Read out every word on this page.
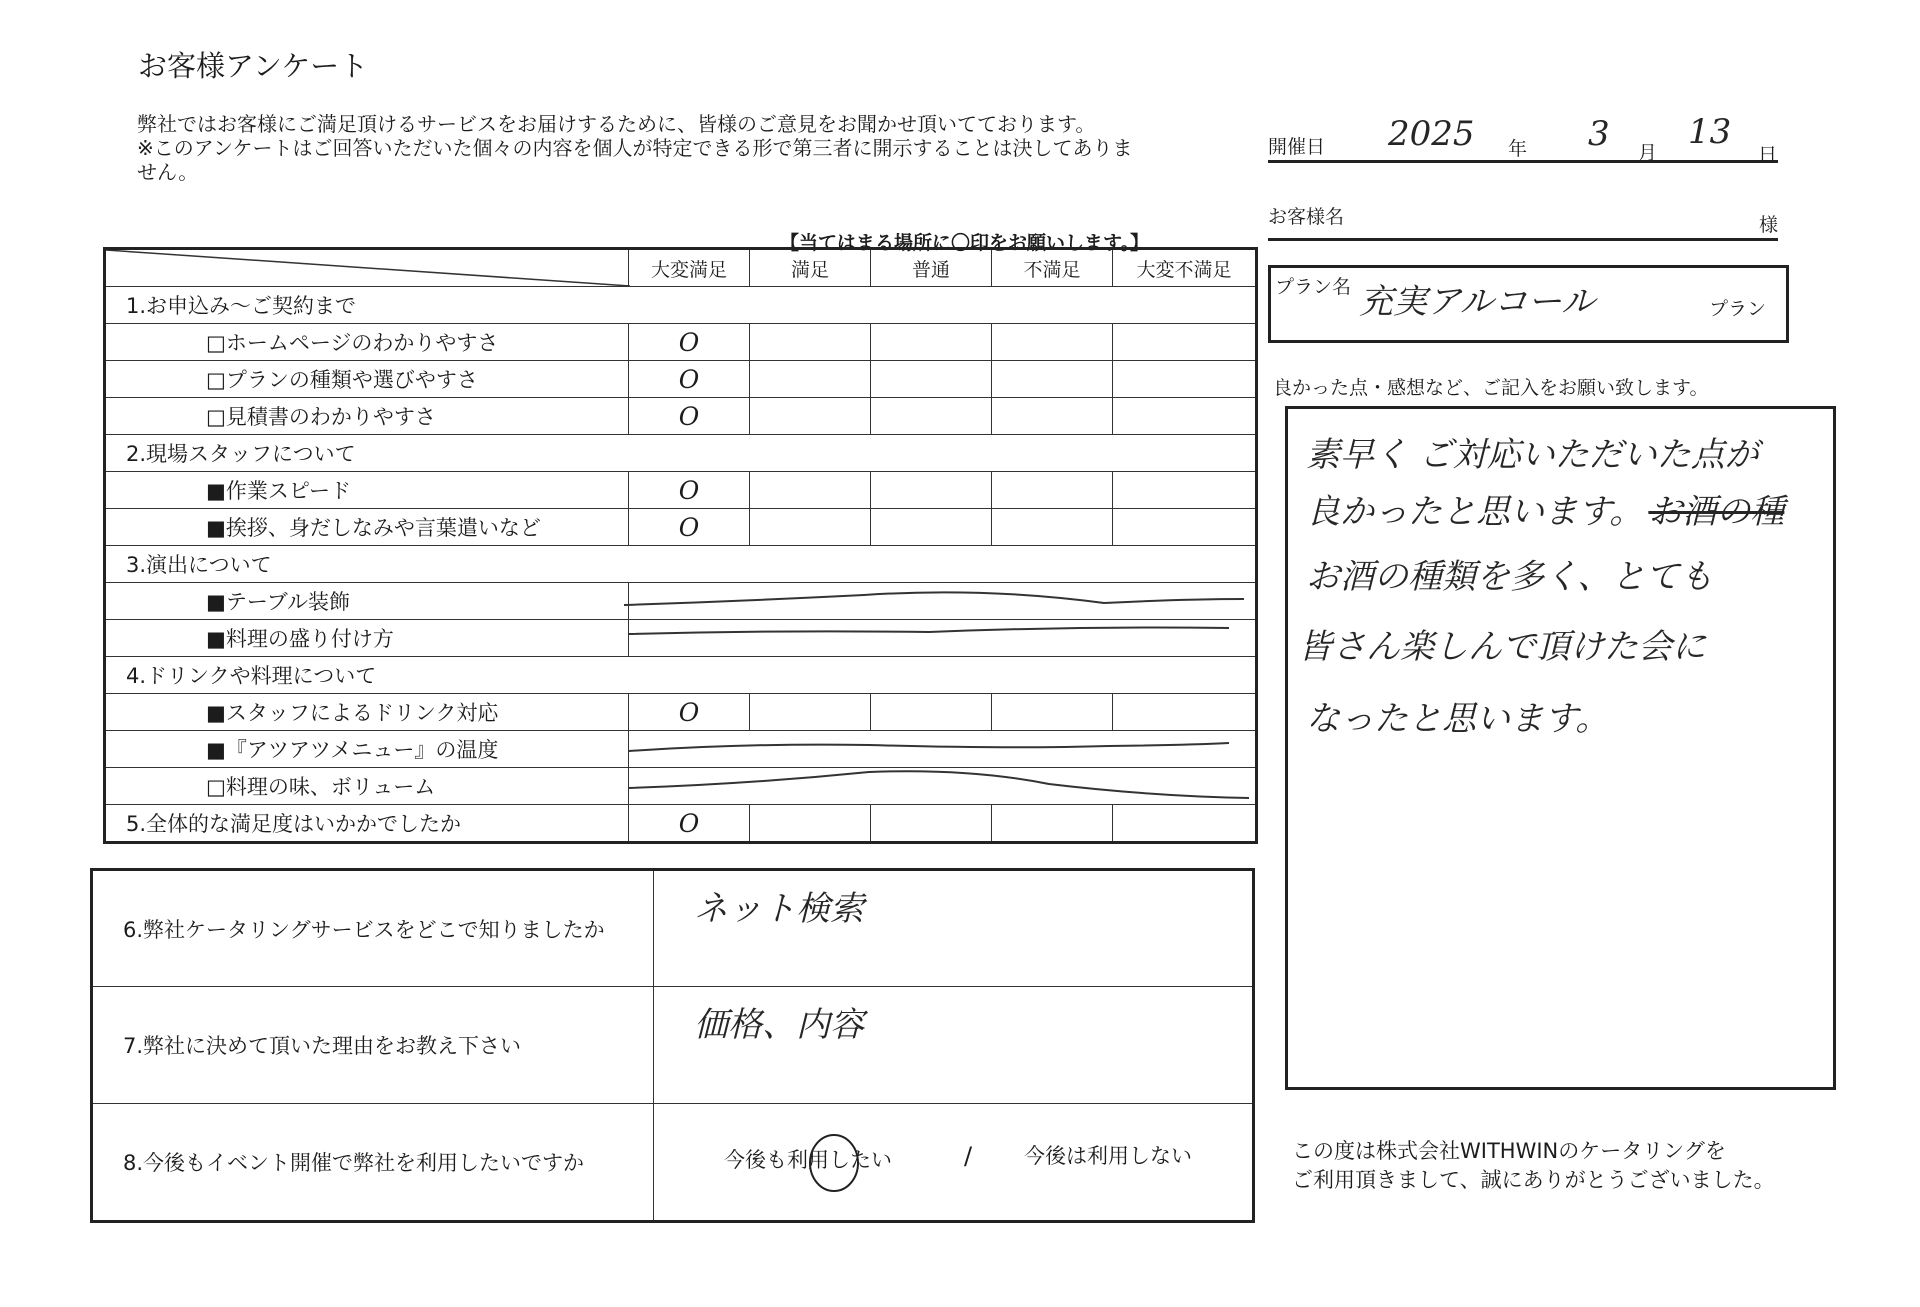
お客様アンケート
弊社ではお客様にご満足頂けるサービスをお届けするために、皆様のご意見をお聞かせ頂いてております。
※このアンケートはご回答いただいた個々の内容を個人が特定できる形で第三者に開示することは決してありま
せん。
【当てはまる場所に〇印をお願いします。】
	大変満足	満足	普通	不満足	大変不満足
1.お申込み～ご契約まで					
□ホームページのわかりやすさ	O				

□プランの種類や選びやすさ	O				

□見積書のわかりやすさ	O				

2.現場スタッフについて					
■作業スピード	O				

■挨拶、身だしなみや言葉遣いなど	O				

3.演出について					
■テーブル装飾	

■料理の盛り付け方	

4.ドリンクや料理について					
■スタッフによるドリンク対応	O				

■『アツアツメニュー』の温度	

□料理の味、ボリューム	

5.全体的な満足度はいかかでしたか	O				

6.弊社ケータリングサービスをどこで知りましたか	ネット検索
7.弊社に決めて頂いた理由をお教え下さい	価格、内容
8.今後もイベント開催で弊社を利用したいですか	今後も利用したい / 今後は利用しない
開催日 2025 年 3 月
13
日
お客様名	様
プラン名 充実アルコール	プラン
良かった点・感想など、ご記入をお願い致します。
素早く ご対応いただいた点が
良かったと思います。 お酒の種
お酒の種類を多く、とても
皆さん楽しんで頂けた会に
なったと思います。
この度は株式会社WITHWINのケータリングを
ご利用頂きまして、誠にありがとうございました。
